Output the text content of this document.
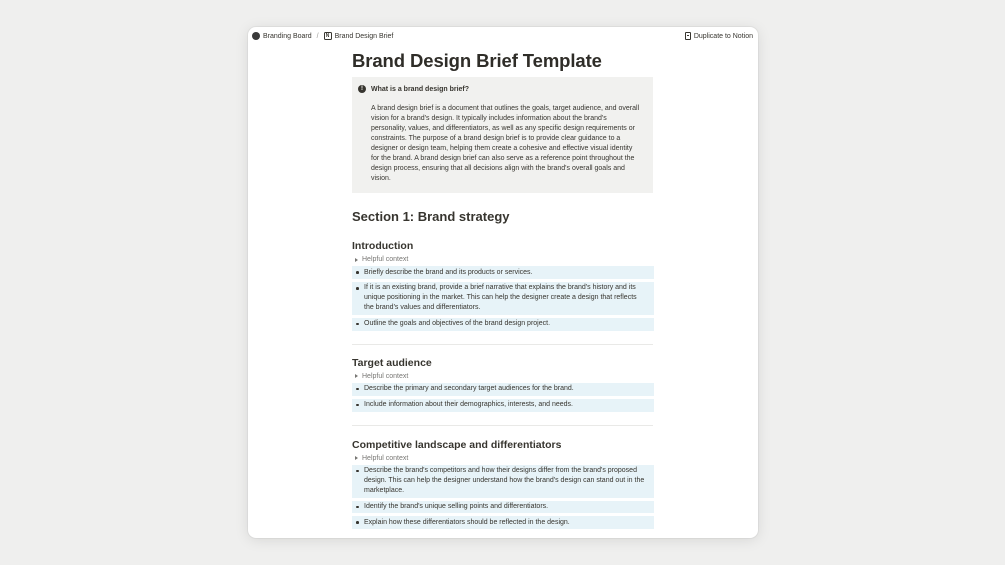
Branding Board /	N Brand Design Brief	Duplicate to Notion
Brand Design Brief Template
!	What is a brand design brief?
A brand design brief is a document that outlines the goals, target audience, and overall
vision for a brand's design. It typically includes information about the brand's
personality, values, and differentiators, as well as any specific design requirements or
constraints. The purpose of a brand design brief is to provide clear guidance to a
designer or design team, helping them create a cohesive and effective visual identity
for the brand. A brand design brief can also serve as a reference point throughout the
design process, ensuring that all decisions align with the brand's overall goals and
vision.
Section 1: Brand strategy
Introduction
Helpful context
Briefly describe the brand and its products or services.
If it is an existing brand, provide a brief narrative that explains the brand's history and its
unique positioning in the market. This can help the designer create a design that reflects
the brand's values and differentiators.
Outline the goals and objectives of the brand design project.
Target audience
Helpful context
Describe the primary and secondary target audiences for the brand.
Include information about their demographics, interests, and needs.
Competitive landscape and differentiators
Helpful context
Describe the brand's competitors and how their designs differ from the brand's proposed
design. This can help the designer understand how the brand's design can stand out in the
marketplace.
Identify the brand's unique selling points and differentiators.
Explain how these differentiators should be reflected in the design.
